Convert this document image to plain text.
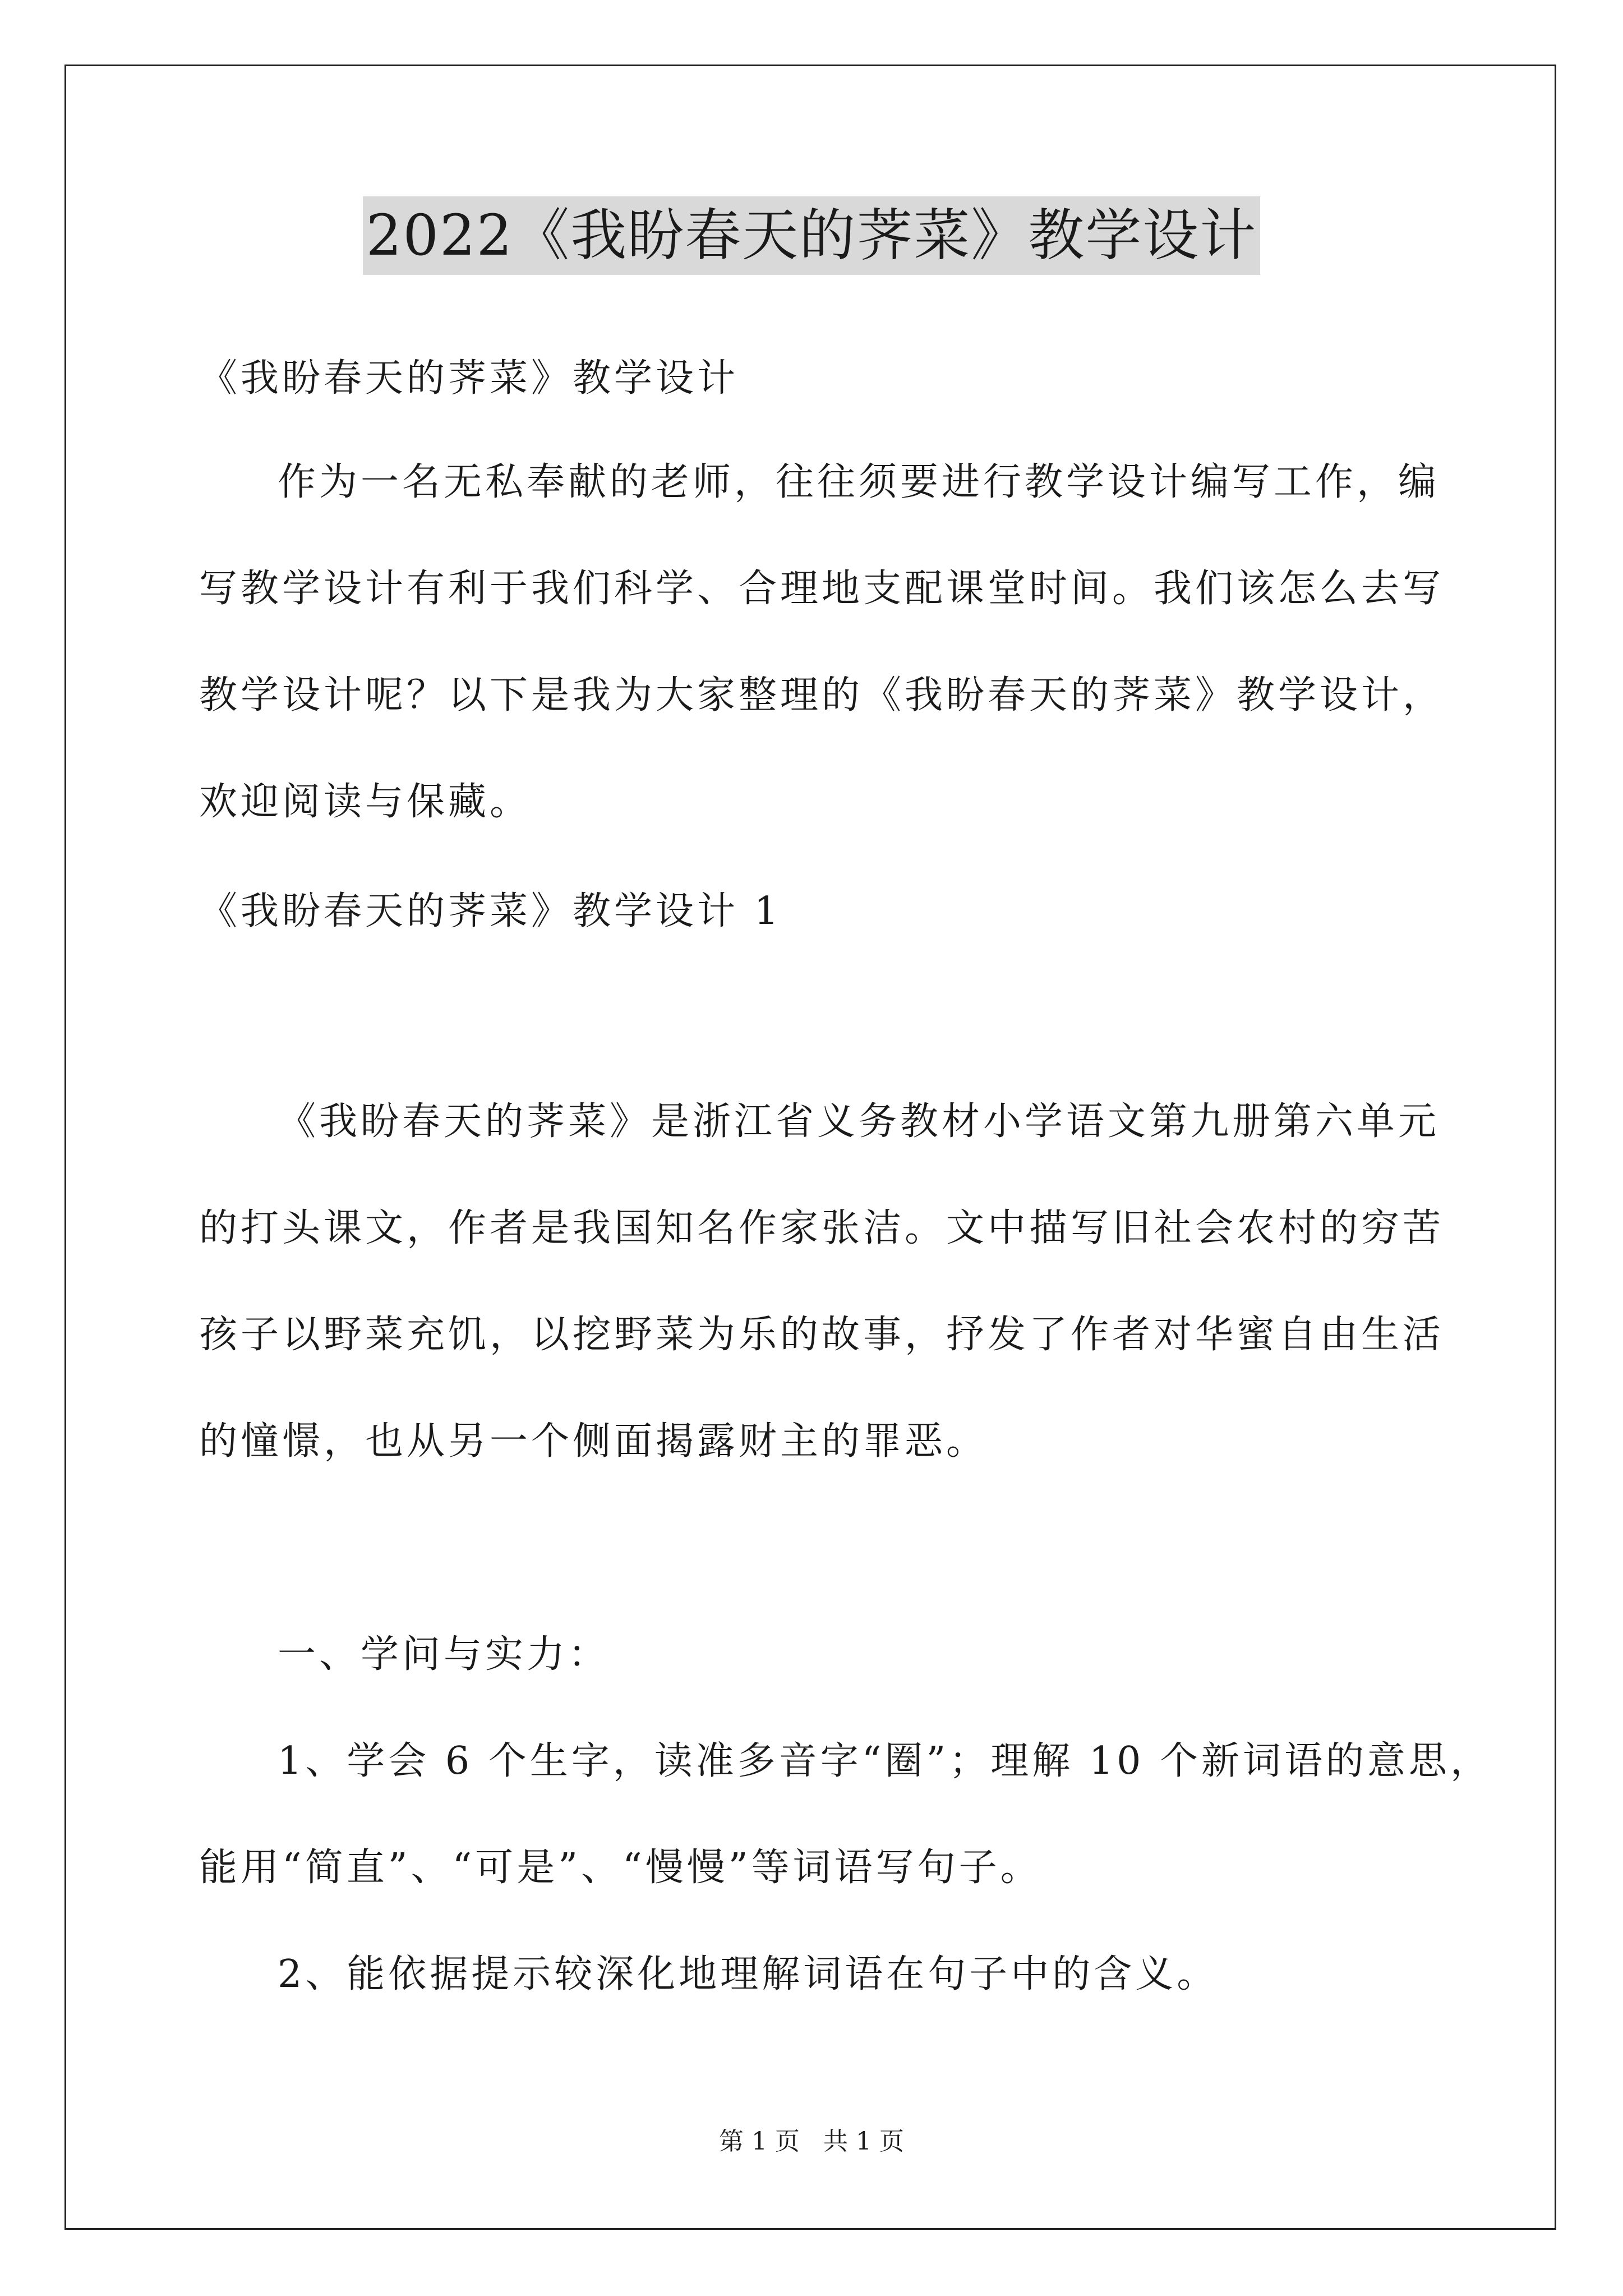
2022《我盼春天的荠菜》教学设计
《我盼春天的荠菜》教学设计
作为一名无私奉献的老师，往往须要进行教学设计编写工作，编
写教学设计有利于我们科学、合理地支配课堂时间。我们该怎么去写
教学设计呢？以下是我为大家整理的《我盼春天的荠菜》教学设计，
欢迎阅读与保藏。
《我盼春天的荠菜》教学设计 1
《我盼春天的荠菜》是浙江省义务教材小学语文第九册第六单元
的打头课文，作者是我国知名作家张洁。文中描写旧社会农村的穷苦
孩子以野菜充饥，以挖野菜为乐的故事，抒发了作者对华蜜自由生活
的憧憬，也从另一个侧面揭露财主的罪恶。
一、学问与实力：
1、学会 6 个生字，读准多音字“圈”；理解 10 个新词语的意思，
能用“简直”、“可是”、“慢慢”等词语写句子。
2、能依据提示较深化地理解词语在句子中的含义。
第 1 页   共 1 页
